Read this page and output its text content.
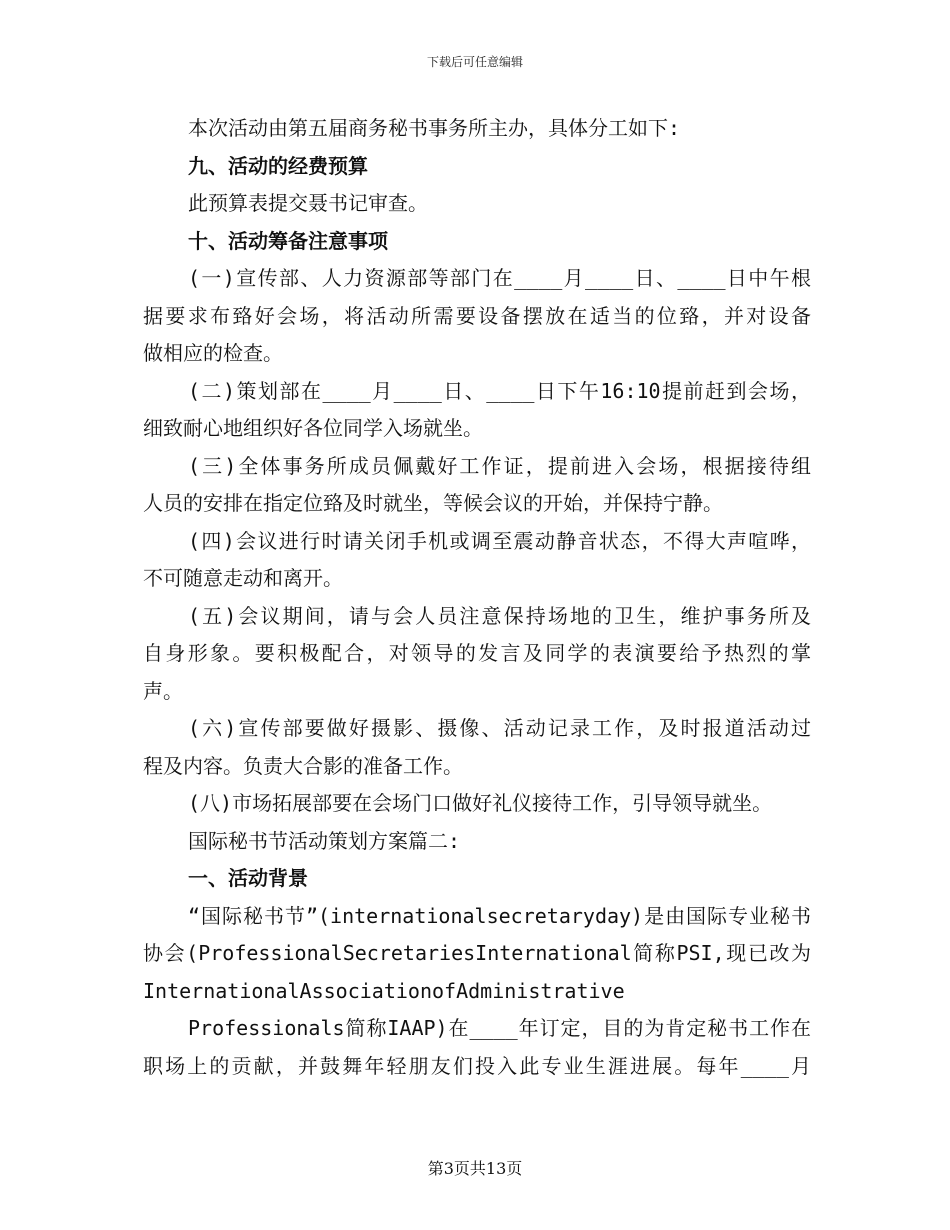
下载后可任意编辑
本次活动由第五届商务秘书事务所主办，具体分工如下:
九、活动的经费预算
此预算表提交聂书记审查。
十、活动筹备注意事项
(一)宣传部、人力资源部等部门在____月____日、____日中午根
据要求布臵好会场，将活动所需要设备摆放在适当的位臵，并对设备
做相应的检查。
(二)策划部在____月____日、____日下午16:10提前赶到会场，
细致耐心地组织好各位同学入场就坐。
(三)全体事务所成员佩戴好工作证，提前进入会场，根据接待组
人员的安排在指定位臵及时就坐，等候会议的开始，并保持宁静。
(四)会议进行时请关闭手机或调至震动静音状态，不得大声喧哗，
不可随意走动和离开。
(五)会议期间，请与会人员注意保持场地的卫生，维护事务所及
自身形象。要积极配合，对领导的发言及同学的表演要给予热烈的掌
声。
(六)宣传部要做好摄影、摄像、活动记录工作，及时报道活动过
程及内容。负责大合影的准备工作。
(八)市场拓展部要在会场门口做好礼仪接待工作，引导领导就坐。
国际秘书节活动策划方案篇二:
一、活动背景
“国际秘书节”(internationalsecretaryday)是由国际专业秘书
协会(ProfessionalSecretariesInternational简称PSI,现已改为
InternationalAssociationofAdministrative
Professionals简称IAAP)在____年订定，目的为肯定秘书工作在
职场上的贡献，并鼓舞年轻朋友们投入此专业生涯进展。每年____月
第3页共13页
